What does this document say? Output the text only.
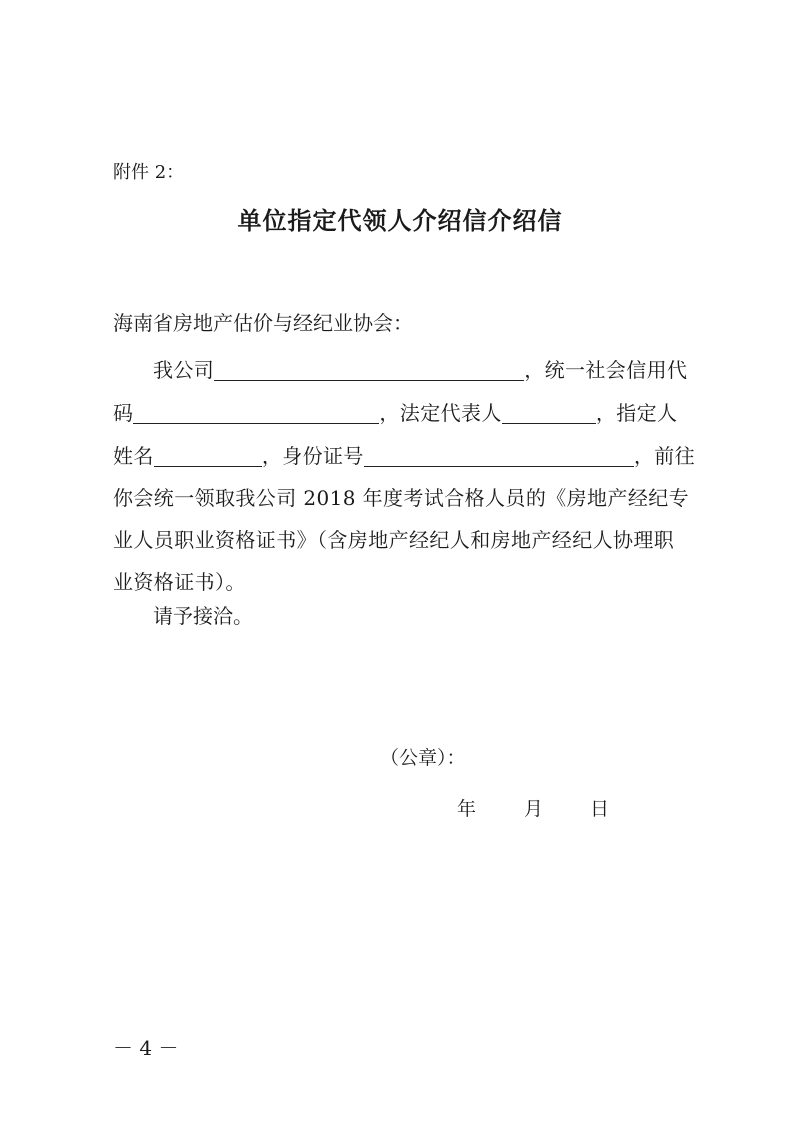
附件 2：
单位指定代领人介绍信介绍信
海南省房地产估价与经纪业协会：
我公司	，统一社会信用代
码	，法定代表人	，指定人
姓名	，身份证号	，前往
你会统一领取我公司 2018 年度考试合格人员的《房地产经纪专
业人员职业资格证书》（含房地产经纪人和房地产经纪人协理职
业资格证书）。
请予接洽。
（公章）：
年	月 日
－ 4 －
